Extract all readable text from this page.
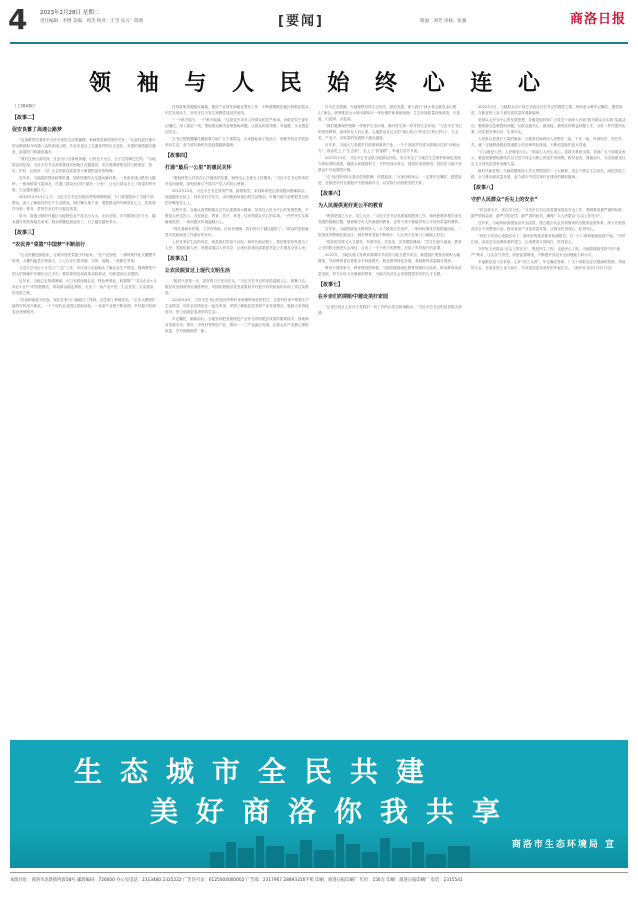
4 2023年2月28日 星期二
责任编辑：李博 美编：周杰 校对：王雪 实习：陈明	[要闻]	版面：刘芳 审核：张强	商洛日报
领 袖 与 人 民 始 终 心 连 心
（上接1版）
【故事二】
促安良蓄了高速公路梦

“这条路带托着家乡人民对美好生活的憧憬，承载着党和国家的关怀。”从曾经泥泞难行的山路到如今四通八达的高速公路，乡亲们见证了交通条件的巨大变化，发展的道路越走越宽，致富的门路越来越多。

“我们这里山高沟深，过去出门全靠两条腿，山货运不出去，日子过得紧巴巴的。”当地群众回忆说。习近平总书记高度重视贫困地区交通建设，多次强调要把农村公路建好、管好、护好、运营好，为广大农民群众致富奔小康提供更好的保障。

近年来，当地抢抓国家政策机遇，加快构建综合交通运输体系，一条条高速公路穿山越岭，一座座桥梁飞架南北，打通了群众出行的“最后一公里”，让山区群众走上了致富的快车道，生活越来越红火。

2015年2月13日上午，习近平总书记在陕西考察调研期间，专门看望慰问了当地干部群众，深入了解他们的生产生活情况。他叮嘱当地干部，要把群众的冷暖放在心上，把发展作为第一要务，带领乡亲们早日脱贫致富。

如今，高速公路的开通让当地特色农产品走出大山、走向全国，乡村旅游红红火火，越来越多的游客慕名而来，群众的腰包鼓起来了，日子越过越有奔头。

【故事三】
“农民养“菜篮”中国梦”不断前行

“让农民腰包鼓起来，让城市居民菜篮子拎起来。”在产业园里，一排排现代化大棚整齐排列，大棚内蔬菜长势喜人，工人们正忙着采摘、分拣、装箱，一派繁忙景象。

习近平总书记十分关心“三农”工作，多次深入田间地头了解农业生产情况，强调要把中国人的饭碗牢牢端在自己手中，要依靠科技和改革双轮驱动，加快建设农业强国。

近年来，当地立足资源禀赋，大力发展设施农业、特色种养业，积极推广“龙头企业+合作社+农户”的发展模式，带动群众稳定增收，走出了一条产业兴旺、生态宜居、生活富裕的发展之路。

“以前种地靠天吃饭，现在在家门口就能打工挣钱，还学到了种植技术。”正在大棚里忙碌的村民高兴地说。一个个现代农业园区拔地而起，一条条产业链不断延伸，乡村振兴的画卷正徐徐展开。

扶持政策措施落实落地，做好产业帮扶和就业帮扶工作，不断增强脱贫地区和脱贫群众内生发展动力，坚决守住不发生规模性返贫的底线。

“一个都不能少，一户都不能落。”这是党中央对人民群众的庄严承诺。各级党员干部牢记嘱托，深入基层一线，帮助群众解决急难愁盼问题，让群众的获得感、幸福感、安全感更加充实。

总书记的殷殷嘱托激励着当地广大干部群众，大家撸起袖子加油干，用勤劳的双手创造美好生活，奋力谱写新时代追赶超越新篇章。

【故事四】
打通“最后一公里”的惠民关怀

“要始终把人民放在心中最高的位置，始终全心全意为人民服务。”习近平总书记的话语朴实而深情，深刻诠释了中国共产党人的初心使命。

2012年12月，习近平总书记冒着严寒，踏着积雪，来到革命老区看望慰问困难群众。他盘腿坐在炕上，同乡亲们手拉手，亲切地询问他们的生活情况，叮嘱当地干部要把老百姓的冷暖放在心上。

这些年来，各地认真贯彻落实总书记重要指示精神，坚持以人民为中心的发展思想，不断加大民生投入，办好就业、教育、医疗、养老、住房等群众关心的实事，一件件民生实事落地见效，一项项惠民举措温暖人心。

“现在看病有医保，上学有资助，住房有保障，我们的日子越过越好了。”群众的笑脸就是对党和政府工作最好的评价。

人民对美好生活的向往，就是我们的奋斗目标。新时代新征程上，我们要坚持发展为了人民、发展依靠人民、发展成果由人民共享，让现代化建设成果更多更公平惠及全体人民。

【故事五】
让农民脱贫过上现代文明生活

“脱贫只是第一步，更好的日子还在后头。”习近平总书记的话语温暖人心、鼓舞斗志。脱贫攻坚战取得全面胜利后，巩固拓展脱贫攻坚成果同乡村振兴有效衔接的各项工作扎实推进。

2020年4月，习近平总书记在陕西考察时来到秦岭深处的村庄，走进村民家中察看生产生活情况，同乡亲们围坐在一起拉家常，详细了解脱贫攻坚和产业发展情况，勉励大家再接再厉，努力创造更加美好的生活。

牢记嘱托，砥砺前行。当地坚持把发展特色产业作为巩固脱贫成果的重要抓手，因地制宜发展木耳、茶叶、中药材等特色产业，推动一二三产业融合发展，让群众在产业链上增收致富，乡村面貌焕然一新。

作为生态屏障，当地始终坚持生态优先、绿色发展，深入践行“绿水青山就是金山银山”理念，统筹推进山水林田湖草沙一体化保护和系统治理，生态环境质量持续改善，天更蓝、山更绿、水更清。

“我们要像保护眼睛一样保护生态环境，像对待生命一样对待生态环境。”习近平总书记的谆谆教诲，深深印在人们心里。当地群众从过去的“靠山吃山”转变为“养山护山”，生态美、产业兴、百姓富的发展路子越走越宽。

近年来，当地大力发展乡村旅游和康养产业，一个个美丽乡村成为游客向往的“诗和远方”，群众吃上了“生态饭”，走上了“致富路”，幸福生活节节高。

2021年11月，习近平总书记给当地群众回信，充分肯定了当地在生态保护和绿色发展方面取得的成绩，勉励大家继续努力，守护好绿水青山，建设好美丽家园。回信在当地干部群众中引起强烈反响。

“总书记的回信让我们倍受鼓舞、倍感振奋。”大家纷纷表示，一定要牢记嘱托、感恩奋进，在推进乡村全面振兴中展现新作为，以实际行动回报党的关怀。

【故事六】
为人民提供更好更公平的教育

“教育是国之大计、党之大计。”习近平总书记高度重视教育工作，始终把教育摆在优先发展的战略位置，强调要办好人民满意的教育，让每个孩子都能享有公平而有质量的教育。

近年来，当地持续加大教育投入，大力改善办学条件，一所所标准化学校拔地而起，一批批优秀教师扎根山区，城乡教育差距不断缩小，山区孩子在家门口就能上好学。

“现在的学校又大又漂亮，有图书室、实验室，还有塑胶操场。”学生们高兴地说。教育公平的阳光照进大山深处，点亮了一个个孩子的梦想，托起了乡村振兴的希望。

2022年，当地实施义务教育薄弱环节改善与能力提升项目，新建改扩建校舍面积大幅增加，学前教育普及普惠水平持续提升，职业教育特色发展，基础教育质量稳步提高。

教育兴则国家兴，教育强则国家强。当地将继续深化教育领域综合改革，推动教育高质量发展，努力办好人民满意的教育，为地方经济社会发展提供坚实的人才支撑。

【故事七】
在乡亲们的期盼中建设美好家园

“让老百姓过上好日子是我们一切工作的出发点和落脚点。”习近平总书记的话语饱含深情。

2022年3月，当地群众以不同方式表达对总书记的感恩之情，纷纷表示要牢记嘱托，感恩奋进，在新征程上奋力谱写高质量发展新篇章。

坚持以人民为中心的发展思想，各级党组织和广大党员干部深入开展“我为群众办实事”实践活动，聚焦群众急难愁盼问题，从群众最关心、最直接、最现实的利益问题入手，办好一件件惠民实事，切实把好事办好、实事办实。

人民群众是我们力量的源泉。只要我们始终同人民想在一起、干在一起，风雨同舟、同甘共苦，就一定能够战胜前进道路上的各种风险挑战，不断创造新的更大奇迹。

“江山就是人民，人民就是江山。”领袖与人民心连心，党群关系鱼水情。各地广大干部群众表示，要更加紧密地团结在以习近平同志为核心的党中央周围，踔厉奋发、勇毅前行，为全面建设社会主义现代化国家贡献力量。

新时代新征程，当地将继续深入学习贯彻党的二十大精神，坚定不移走生态优先、绿色发展之路，全力推动高质量发展，奋力谱写中国式现代化建设的精彩篇章。

【故事八】
守护人民群众“舌尖上的安全”

“民以食为天，食以安为先。”习近平总书记高度重视食品安全工作，强调要用最严谨的标准、最严格的监管、最严厉的处罚、最严肃的问责，确保广大人民群众“舌尖上的安全”。

近年来，当地持续加强食品安全监管，建立健全从农田到餐桌的全链条监管体系，深入开展食品安全专项整治行动，推动食品产业高质量发展，让群众吃得放心、吃得安心。

“现在买东西心里踏实多了，超市里的蔬菜都有检测报告，扫一扫二维码就能知道产地。”市民们说。食品安全追溯体系的建立，让消费者买得明白、吃得放心。

守护好人民群众“舌尖上的安全”，既是民生工程，也是民心工程。当地将继续坚持“四个最严”要求，压实各方责任，织密监管网络，不断提升食品安全治理能力和水平。

幸福都是奋斗出来的。心怀“国之大者”，牢记嘱托使命，广大干部群众正以饱满的热情、昂扬的斗志，在新征程上奋力前行，共同创造更加美好的幸福生活。（新华社北京2月27日电）

生态城市全民共建
美好商洛你我共享
商洛市生态环境局 宣
本版社址：商洛市北新街西段58号 邮政编码：726000 办公室电话：2313480 2325222 广告许可证：6125004000002 广告部：2317967 28893316手机 印刷：商洛日报印刷厂 年价：156元 印刷：商洛日报印刷厂 电话：2315541
